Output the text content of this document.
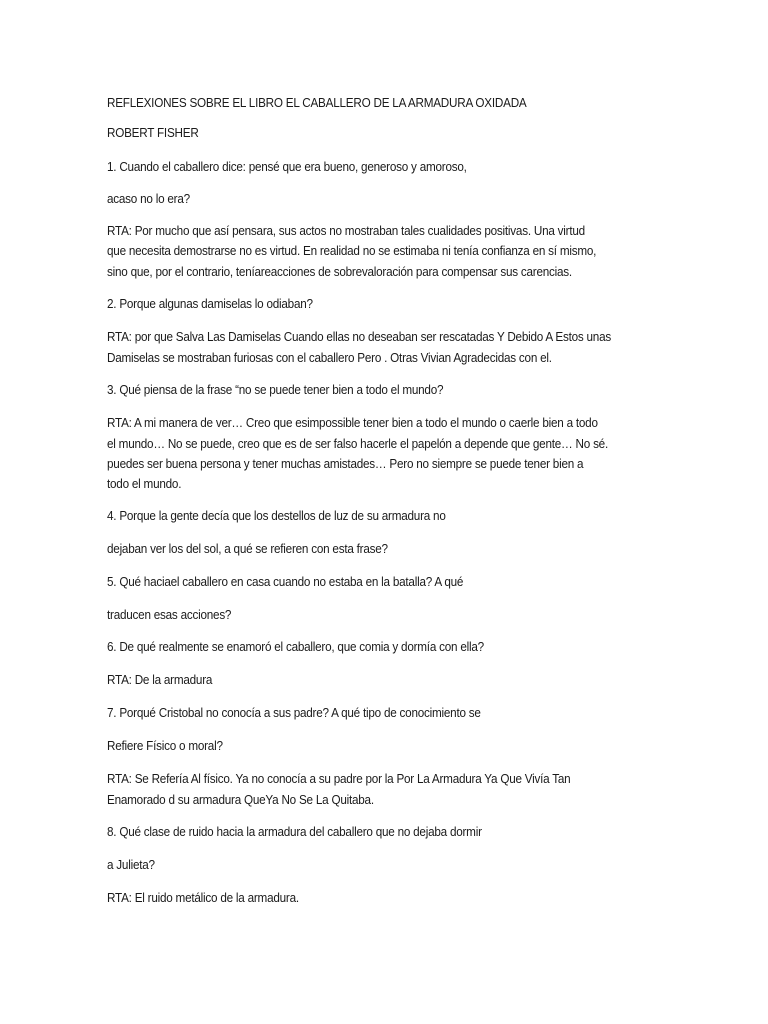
REFLEXIONES SOBRE EL LIBRO EL CABALLERO DE LA ARMADURA OXIDADA
ROBERT FISHER
1. Cuando el caballero dice: pensé que era bueno, generoso y amoroso,
acaso no lo era?
RTA: Por mucho que así pensara, sus actos no mostraban tales cualidades positivas. Una virtud
que necesita demostrarse no es virtud. En realidad no se estimaba ni tenía confianza en sí mismo,
sino que, por el contrario, teníareacciones de sobrevaloración para compensar sus carencias.
2. Porque algunas damiselas lo odiaban?
RTA: por que Salva Las Damiselas Cuando ellas no deseaban ser rescatadas Y Debido A Estos unas
Damiselas se mostraban furiosas con el caballero Pero . Otras Vivian Agradecidas con el.
3. Qué piensa de la frase “no se puede tener bien a todo el mundo?
RTA: A mi manera de ver… Creo que esimpossible tener bien a todo el mundo o caerle bien a todo
el mundo… No se puede, creo que es de ser falso hacerle el papelón a depende que gente… No sé.
puedes ser buena persona y tener muchas amistades… Pero no siempre se puede tener bien a
todo el mundo.
4. Porque la gente decía que los destellos de luz de su armadura no
dejaban ver los del sol, a qué se refieren con esta frase?
5. Qué haciael caballero en casa cuando no estaba en la batalla? A qué
traducen esas acciones?
6. De qué realmente se enamoró el caballero, que comia y dormía con ella?
RTA: De la armadura
7. Porqué Cristobal no conocía a sus padre? A qué tipo de conocimiento se
Refiere Físico o moral?
RTA: Se Refería Al físico. Ya no conocía a su padre por la Por La Armadura Ya Que Vivía Tan
Enamorado d su armadura QueYa No Se La Quitaba.
8. Qué clase de ruido hacia la armadura del caballero que no dejaba dormir
a Julieta?
RTA: El ruido metálico de la armadura.
